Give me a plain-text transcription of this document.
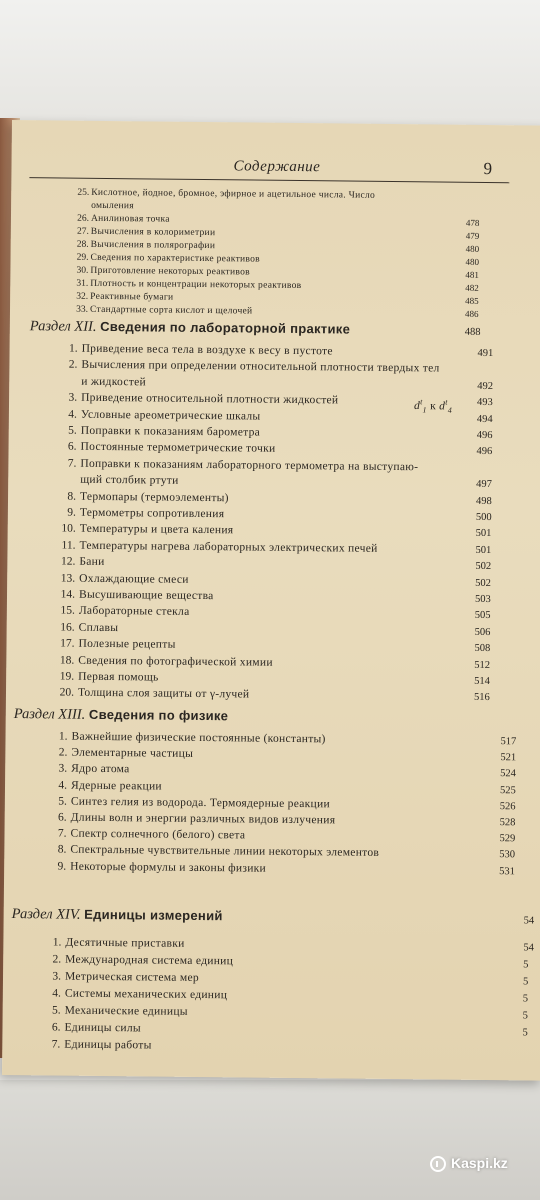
Содержание	9
25. Кислотное, йодное, бромное, эфирное и ацетильное числа. Число
омыления
26. Анилиновая точка	478
27. Вычисления в колориметрии	479
28. Вычисления в полярографии	480
29. Сведения по характеристике реактивов	480
30. Приготовление некоторых реактивов	481
31. Плотность и концентрации некоторых реактивов	482
32. Реактивные бумаги	485
33. Стандартные сорта кислот и щелочей	486
Раздел XII. Сведения по лабораторной практике	488
1. Приведение веса тела в воздухе к весу в пустоте	491
2. Вычисления при определении относительной плотности твердых тел
и жидкостей	492
3. Приведение относительной плотности жидкостей	493
$d^t_1$ к $d^t_4$
4. Условные ареометрические шкалы	494
5. Поправки к показаниям барометра	496
6. Постоянные термометрические точки	496
7. Поправки к показаниям лабораторного термометра на выступаю-
щий столбик ртути	497
8. Термопары (термоэлементы)	498
9. Термометры сопротивления	500
10. Температуры и цвета каления	501
11. Температуры нагрева лабораторных электрических печей	501
12. Бани	502
13. Охлаждающие смеси	502
14. Высушивающие вещества	503
15. Лабораторные стекла	505
16. Сплавы	506
17. Полезные рецепты	508
18. Сведения по фотографической химии	512
19. Первая помощь	514
20. Толщина слоя защиты от γ-лучей	516
Раздел XIII. Сведения по физике
1. Важнейшие физические постоянные (константы)	517
2. Элементарные частицы	521
3. Ядро атома	524
4. Ядерные реакции	525
5. Синтез гелия из водорода. Термоядерные реакции	526
6. Длины волн и энергии различных видов излучения	528
7. Спектр солнечного (белого) света	529
8. Спектральные чувствительные линии некоторых элементов	530
9. Некоторые формулы и законы физики	531
Раздел XIV. Единицы измерений	54
1. Десятичные приставки	54
2. Международная система единиц	5
3. Метрическая система мер	5
4. Системы механических единиц	5
5. Механические единицы	5
6. Единицы силы	5
7. Единицы работы
Kaspi.kz
